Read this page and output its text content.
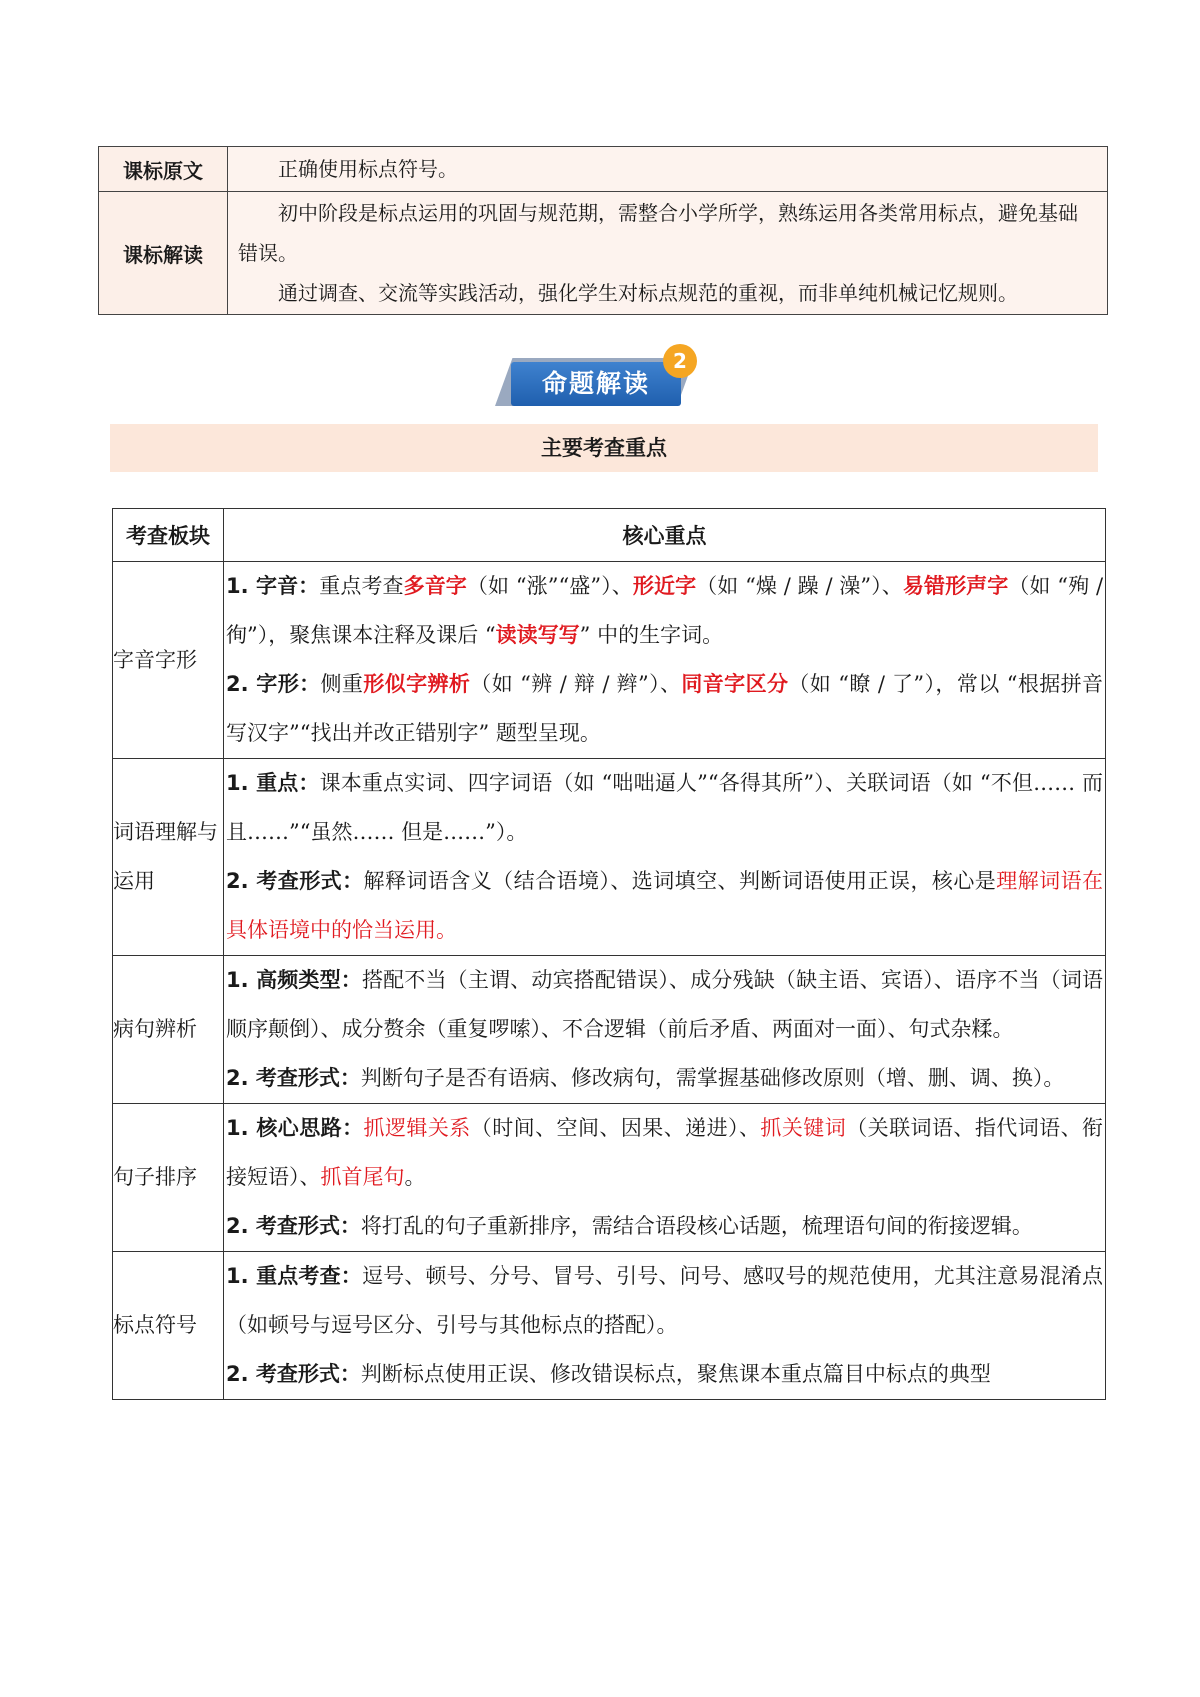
课标原文	正确使用标点符号。
课标解读	初中阶段是标点运用的巩固与规范期，需整合小学所学，熟练运用各类常用标点，避免基础错误。
通过调查、交流等实践活动，强化学生对标点规范的重视，而非单纯机械记忆规则。
命题解读
2
主要考查重点
考查板块	核心重点
字音字形	1. 字音：重点考查多音字（如 “涨”“盛”）、形近字（如 “燥 / 躁 / 澡”）、易错形声字（如 “殉 / 徇”），聚焦课本注释及课后 “读读写写” 中的生字词。

2. 字形：侧重形似字辨析（如 “辨 / 辩 / 辫”）、同音字区分（如 “瞭 / 了”），常以 “根据拼音写汉字”“找出并改正错别字” 题型呈现。

词语理解与运用	1. 重点：课本重点实词、四字词语（如 “咄咄逼人”“各得其所”）、关联词语（如 “不但…… 而且……”“虽然…… 但是……”）。

2. 考查形式：解释词语含义（结合语境）、选词填空、判断词语使用正误，核心是理解词语在具体语境中的恰当运用。

病句辨析	1. 高频类型：搭配不当（主谓、动宾搭配错误）、成分残缺（缺主语、宾语）、语序不当（词语顺序颠倒）、成分赘余（重复啰嗦）、不合逻辑（前后矛盾、两面对一面）、句式杂糅。

2. 考查形式：判断句子是否有语病、修改病句，需掌握基础修改原则（增、删、调、换）。

句子排序	1. 核心思路：抓逻辑关系（时间、空间、因果、递进）、抓关键词（关联词语、指代词语、衔接短语）、抓首尾句。

2. 考查形式：将打乱的句子重新排序，需结合语段核心话题，梳理语句间的衔接逻辑。

标点符号	1. 重点考查：逗号、顿号、分号、冒号、引号、问号、感叹号的规范使用，尤其注意易混淆点（如顿号与逗号区分、引号与其他标点的搭配）。

2. 考查形式：判断标点使用正误、修改错误标点，聚焦课本重点篇目中标点的典型
